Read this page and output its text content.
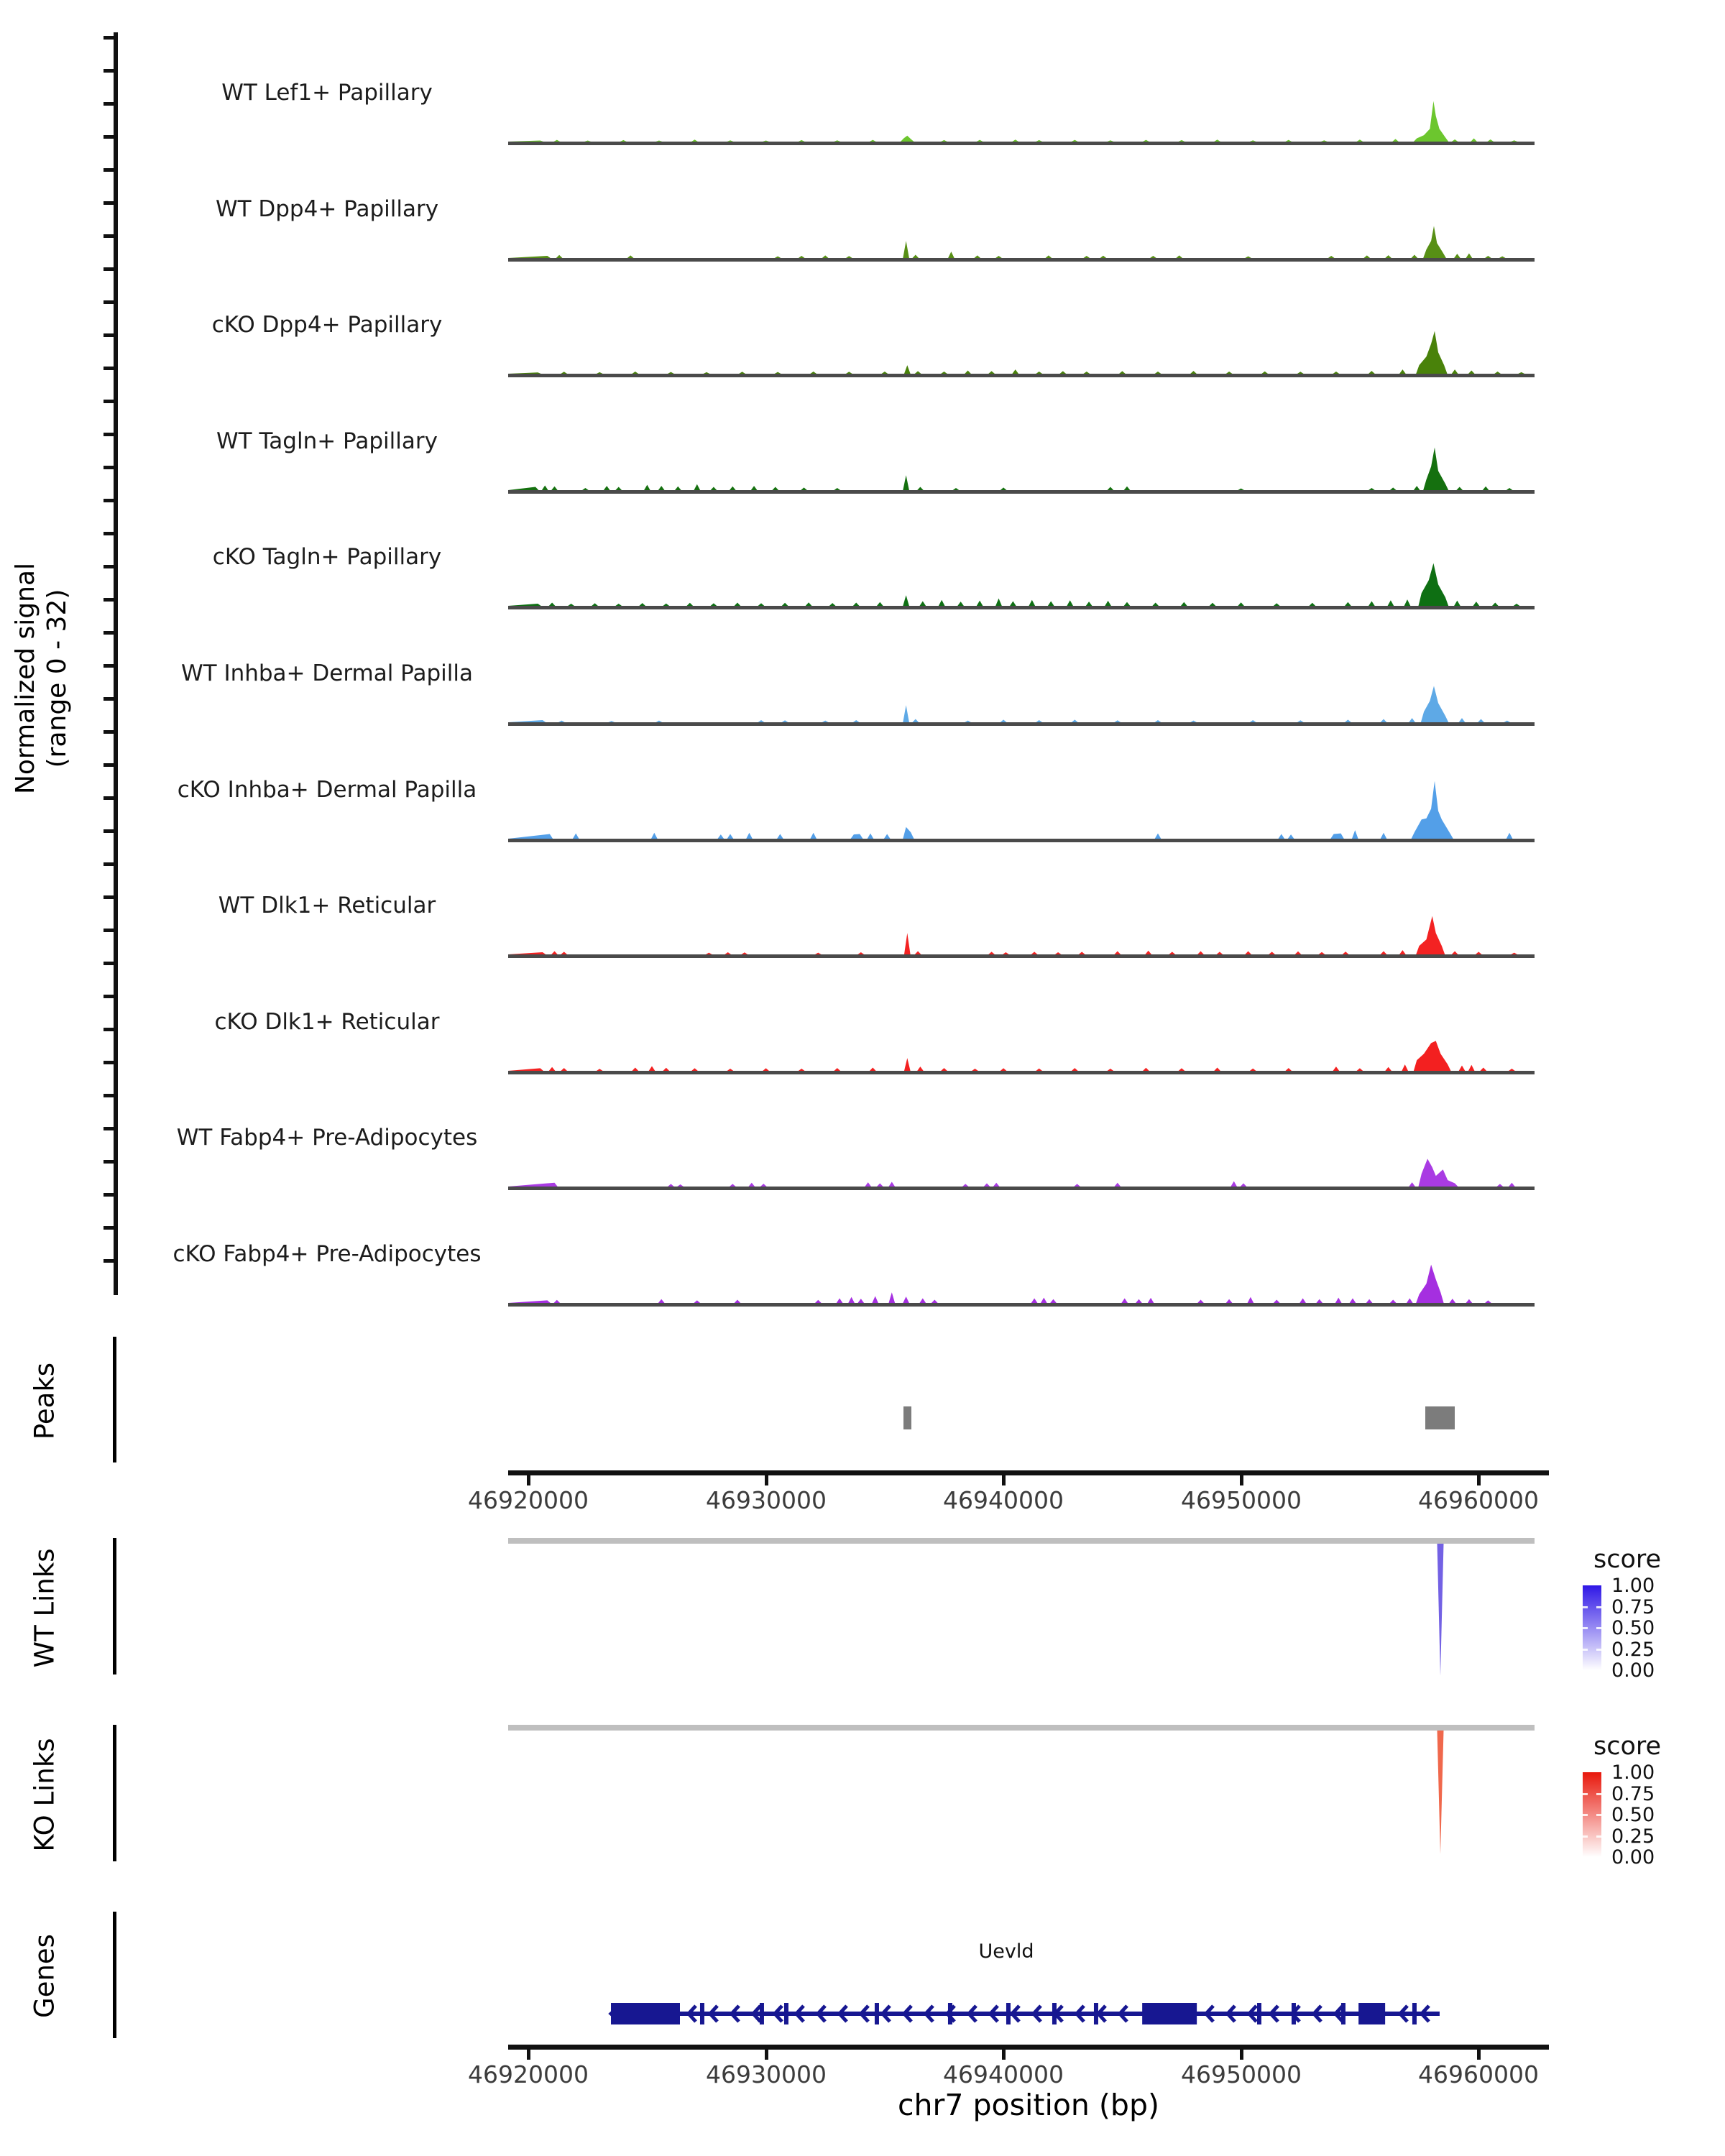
Normalized signal (range 0 - 32)
Peaks
WT Links
KO Links
Genes
WT Lef1+ Papillary
WT Dpp4+ Papillary
cKO Dpp4+ Papillary
WT Tagln+ Papillary
cKO Tagln+ Papillary
WT Inhba+ Dermal Papilla
cKO Inhba+ Dermal Papilla
WT Dlk1+ Reticular
cKO Dlk1+ Reticular
WT Fabp4+ Pre-Adipocytes
cKO Fabp4+ Pre-Adipocytes
46920000	46930000	46940000	46950000	46960000
score
1.00
0.75
0.50
0.25
0.00
score
1.00
0.75
0.50
0.25
0.00
Uevld
46920000	46930000	46940000	46950000	46960000
chr7 position (bp)
